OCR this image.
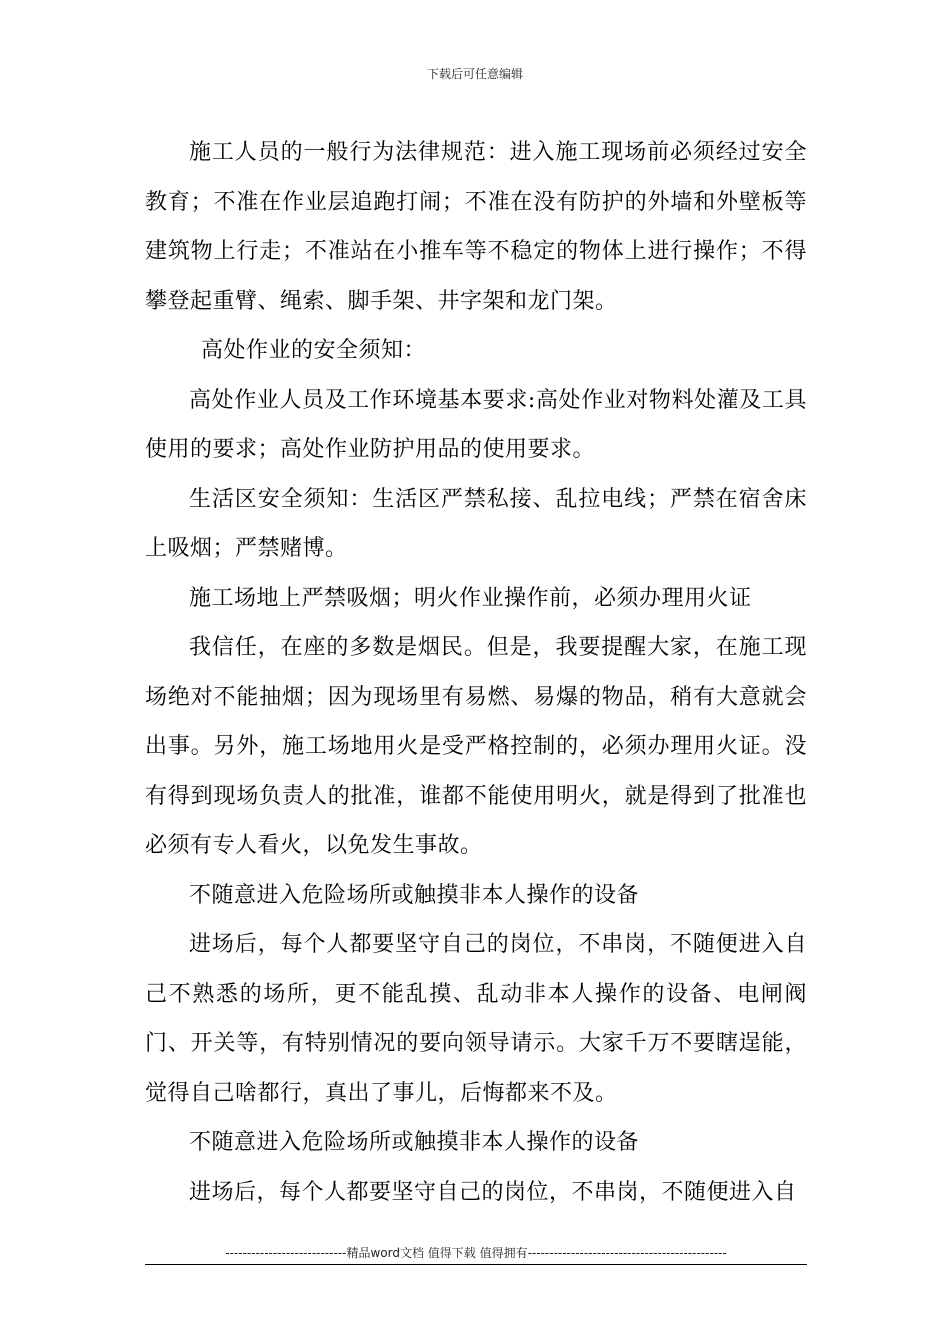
下载后可任意编辑

施工人员的一般行为法律规范：进入施工现场前必须经过安全教育；不准在作业层追跑打闹；不准在没有防护的外墙和外壁板等建筑物上行走；不准站在小推车等不稳定的物体上进行操作；不得攀登起重臂、绳索、脚手架、井字架和龙门架。

高处作业的安全须知：

高处作业人员及工作环境基本要求:高处作业对物料处灌及工具使用的要求；高处作业防护用品的使用要求。

生活区安全须知：生活区严禁私接、乱拉电线；严禁在宿舍床上吸烟；严禁赌博。

施工场地上严禁吸烟；明火作业操作前，必须办理用火证

我信任，在座的多数是烟民。但是，我要提醒大家，在施工现场绝对不能抽烟；因为现场里有易燃、易爆的物品，稍有大意就会出事。另外，施工场地用火是受严格控制的，必须办理用火证。没有得到现场负责人的批准，谁都不能使用明火，就是得到了批准也必须有专人看火，以免发生事故。

不随意进入危险场所或触摸非本人操作的设备

进场后，每个人都要坚守自己的岗位，不串岗，不随便进入自己不熟悉的场所，更不能乱摸、乱动非本人操作的设备、电闸阀门、开关等，有特别情况的要向领导请示。大家千万不要瞎逞能，觉得自己啥都行，真出了事儿，后悔都来不及。

不随意进入危险场所或触摸非本人操作的设备

进场后，每个人都要坚守自己的岗位，不串岗，不随便进入自

----------------------------精品word文档 值得下载 值得拥有----------------------------------------------
